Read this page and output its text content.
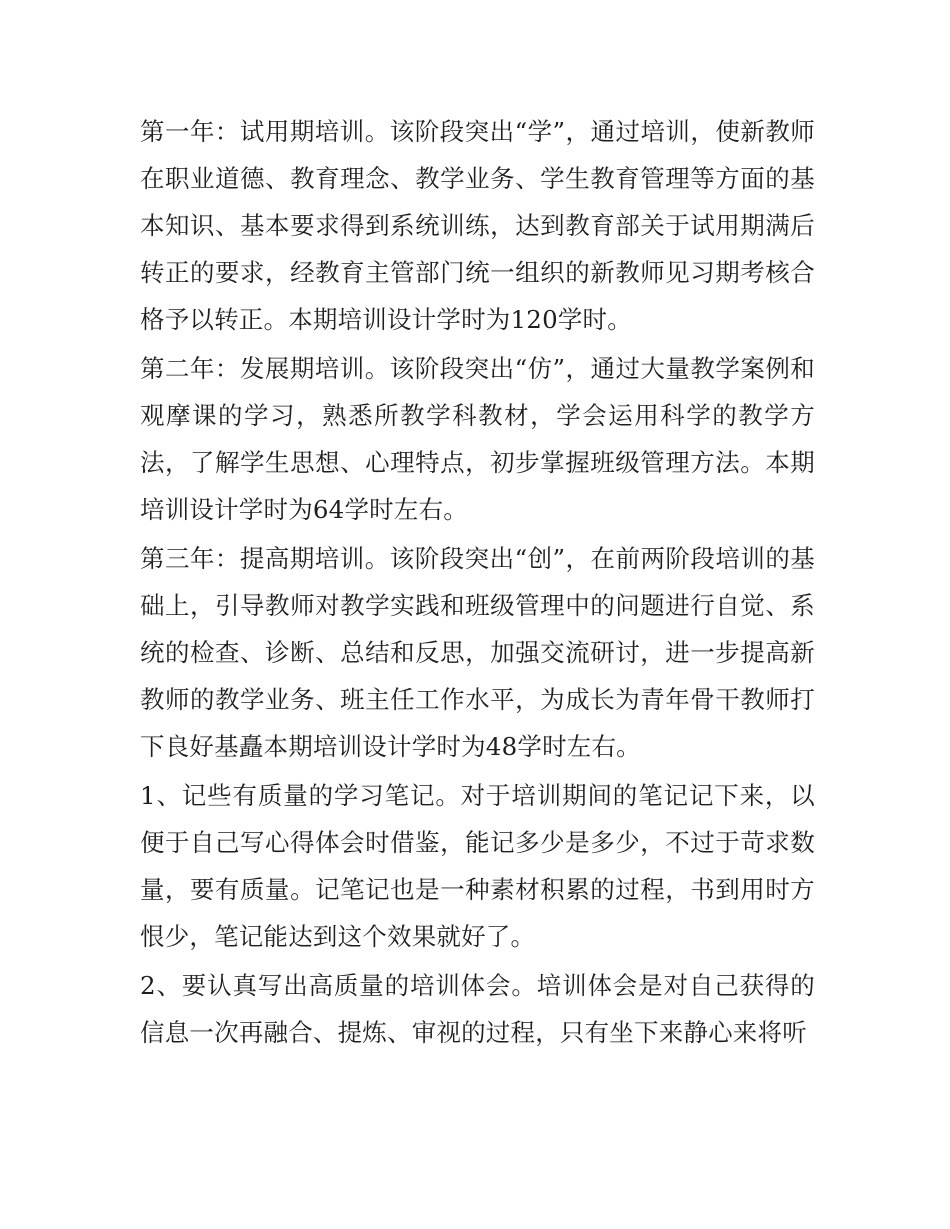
第一年：试用期培训。该阶段突出“学”，通过培训，使新教师在职业道德、教育理念、教学业务、学生教育管理等方面的基本知识、基本要求得到系统训练，达到教育部关于试用期满后转正的要求，经教育主管部门统一组织的新教师见习期考核合格予以转正。本期培训设计学时为120学时。

第二年：发展期培训。该阶段突出“仿”，通过大量教学案例和观摩课的学习，熟悉所教学科教材，学会运用科学的教学方法，了解学生思想、心理特点，初步掌握班级管理方法。本期培训设计学时为64学时左右。

第三年：提高期培训。该阶段突出“创”，在前两阶段培训的基础上，引导教师对教学实践和班级管理中的问题进行自觉、系统的检查、诊断、总结和反思，加强交流研讨，进一步提高新教师的教学业务、班主任工作水平，为成长为青年骨干教师打下良好基矗本期培训设计学时为48学时左右。

1、记些有质量的学习笔记。对于培训期间的笔记记下来，以便于自己写心得体会时借鉴，能记多少是多少，不过于苛求数量，要有质量。记笔记也是一种素材积累的过程，书到用时方恨少，笔记能达到这个效果就好了。

2、要认真写出高质量的培训体会。培训体会是对自己获得的信息一次再融合、提炼、审视的过程，只有坐下来静心来将听
